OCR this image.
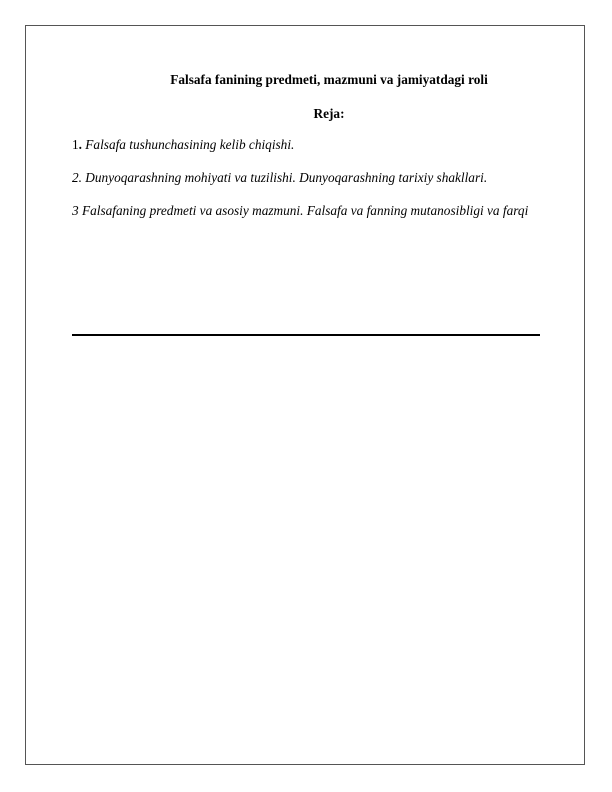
Falsafa fanining predmeti, mazmuni va jamiyatdagi roli
Reja:
1. Falsafa tushunchasining kelib chiqishi.
2. Dunyoqarashning mohiyati va tuzilishi. Dunyoqarashning tarixiy shakllari.
3 Falsafaning predmeti va asosiy mazmuni. Falsafa va fanning mutanosibligi va farqi
